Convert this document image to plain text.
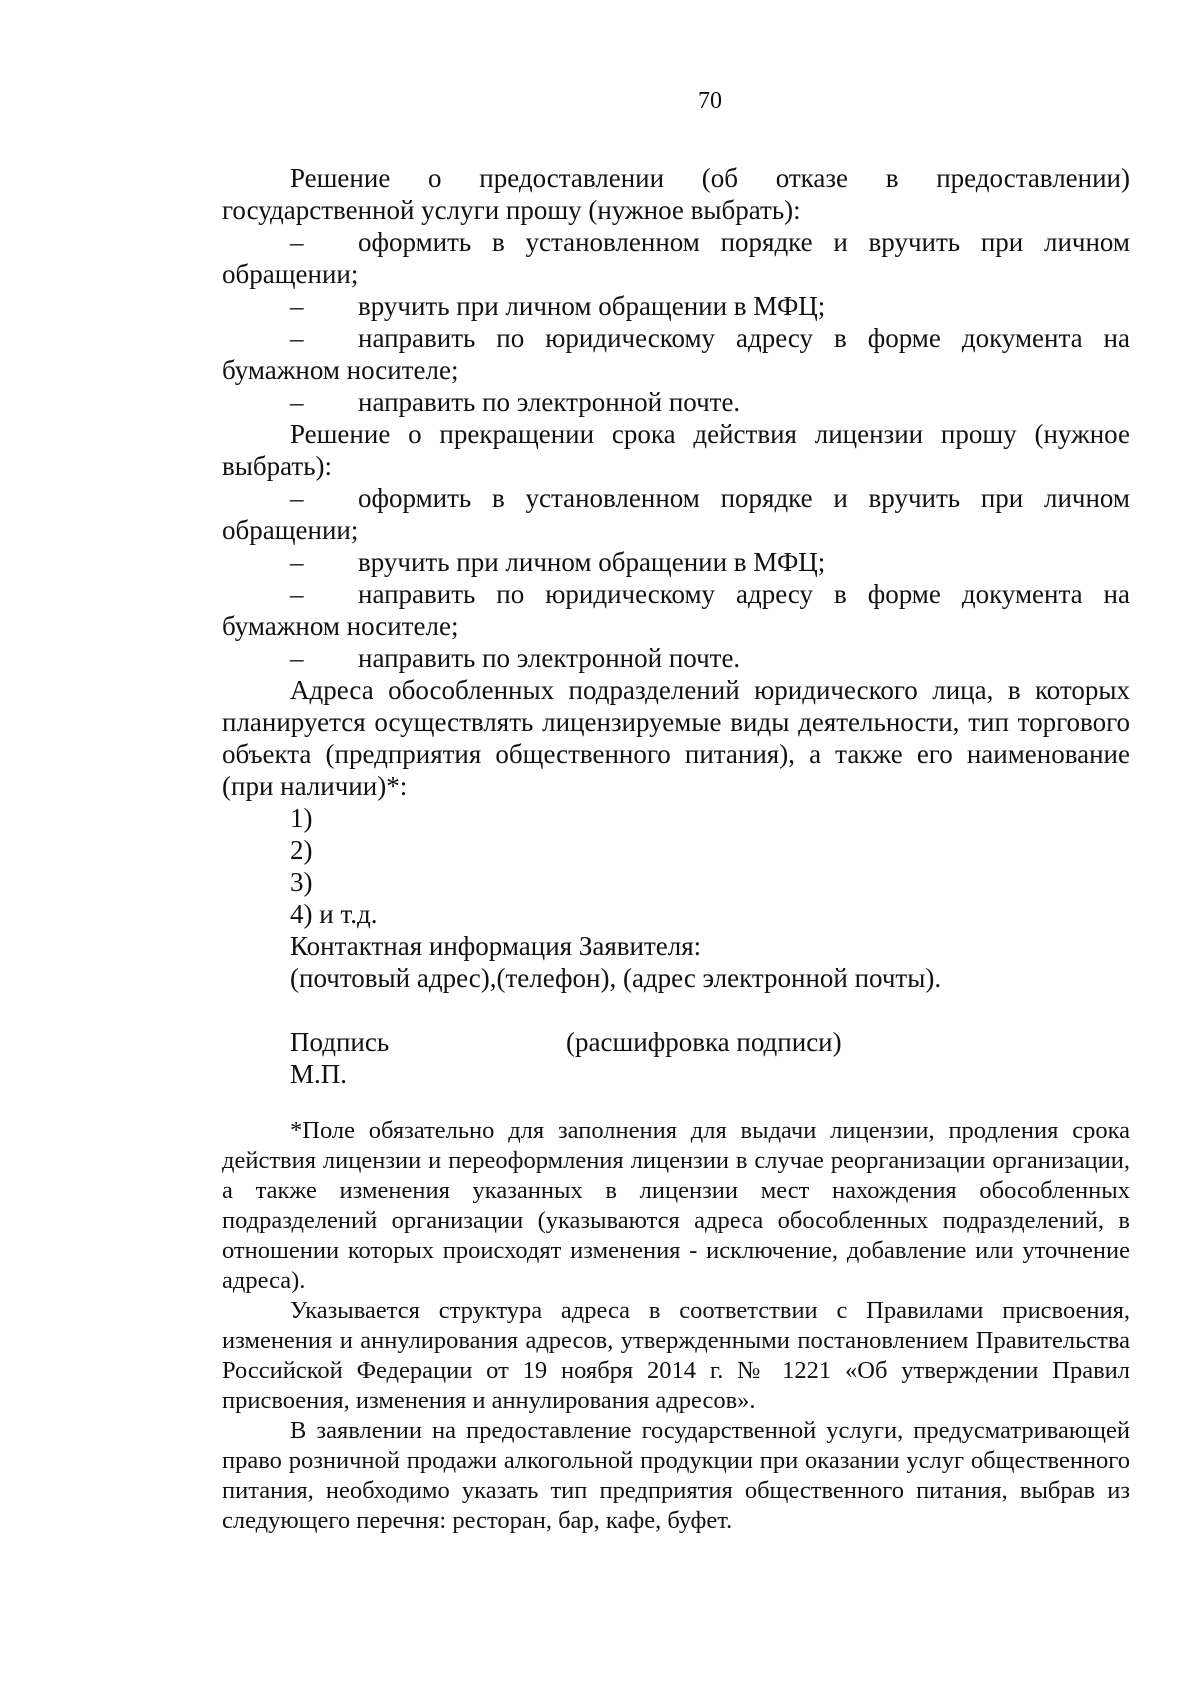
70

Решение о предоставлении (об отказе в предоставлении) государственной услуги прошу (нужное выбрать):

– оформить в установленном порядке и вручить при личном обращении;

– вручить при личном обращении в МФЦ;

– направить по юридическому адресу в форме документа на бумажном носителе;

– направить по электронной почте.

Решение о прекращении срока действия лицензии прошу (нужное выбрать):

– оформить в установленном порядке и вручить при личном обращении;

– вручить при личном обращении в МФЦ;

– направить по юридическому адресу в форме документа на бумажном носителе;

– направить по электронной почте.

Адреса обособленных подразделений юридического лица, в которых планируется осуществлять лицензируемые виды деятельности, тип торгового объекта (предприятия общественного питания), а также его наименование (при наличии)*:

1)

2)

3)

4) и т.д.

Контактная информация Заявителя:

(почтовый адрес),(телефон), (адрес электронной почты).

Подпись	(расшифровка подписи)

М.П.

*Поле обязательно для заполнения для выдачи лицензии, продления срока действия лицензии и переоформления лицензии в случае реорганизации организации, а также изменения указанных в лицензии мест нахождения обособленных подразделений организации (указываются адреса обособленных подразделений, в отношении которых происходят изменения - исключение, добавление или уточнение адреса).

Указывается структура адреса в соответствии с Правилами присвоения, изменения и аннулирования адресов, утвержденными постановлением Правительства Российской Федерации от 19 ноября 2014 г. № 1221 «Об утверждении Правил присвоения, изменения и аннулирования адресов».

В заявлении на предоставление государственной услуги, предусматривающей право розничной продажи алкогольной продукции при оказании услуг общественного питания, необходимо указать тип предприятия общественного питания, выбрав из следующего перечня: ресторан, бар, кафе, буфет.
